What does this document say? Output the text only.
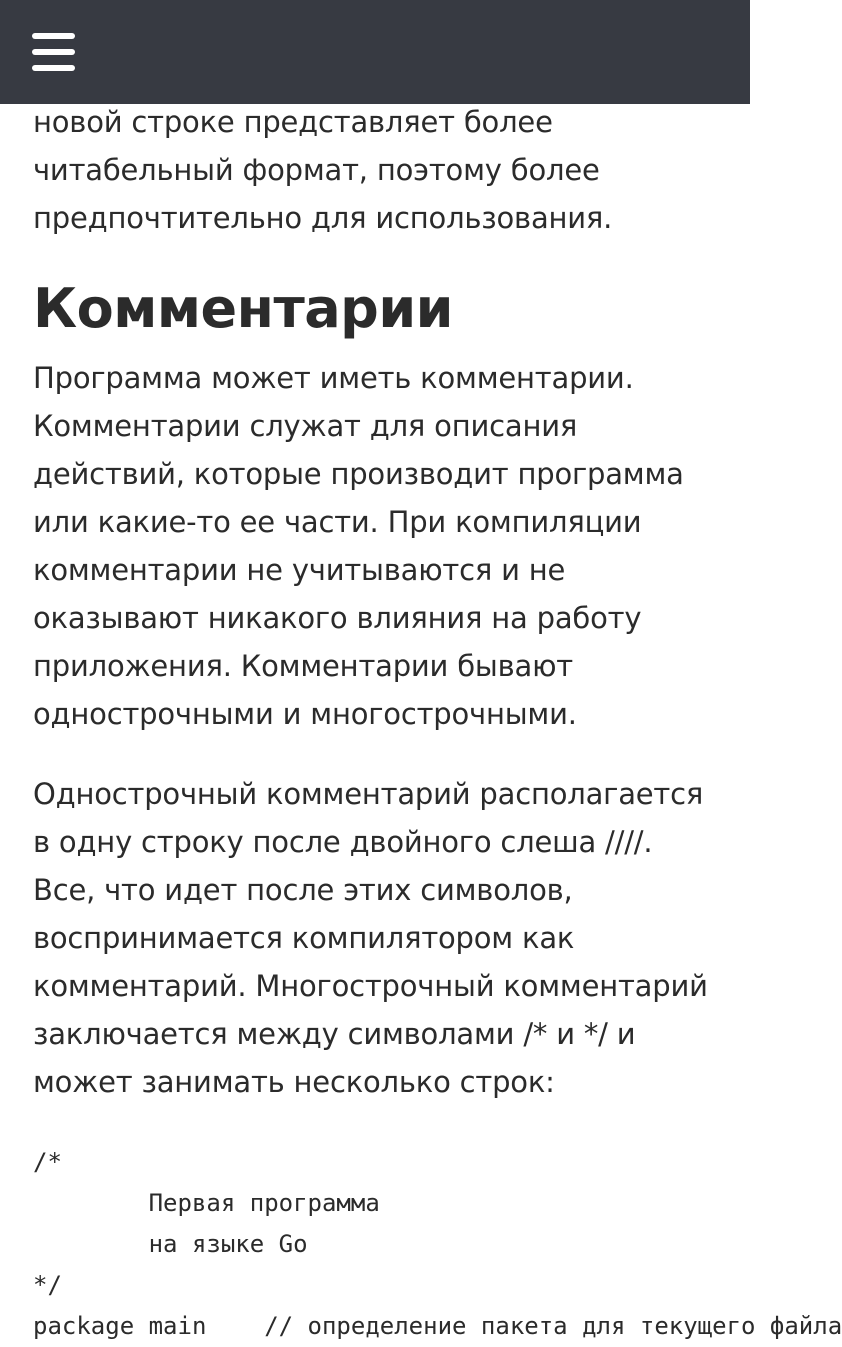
новой строке представляет более читабельный формат, поэтому более предпочтительно для использования.

Комментарии

Программа может иметь комментарии. Комментарии служат для описания действий, которые производит программа или какие-то ее части. При компиляции комментарии не учитываются и не оказывают никакого влияния на работу приложения. Комментарии бывают однострочными и многострочными.

Однострочный комментарий располагается в одну строку после двойного слеша ////. Все, что идет после этих символов, воспринимается компилятором как комментарий. Многострочный комментарий заключается между символами /* и */ и может занимать несколько строк:

/*
Первая программа
на языке Go
*/
package main    // определение пакета для текущего файла
